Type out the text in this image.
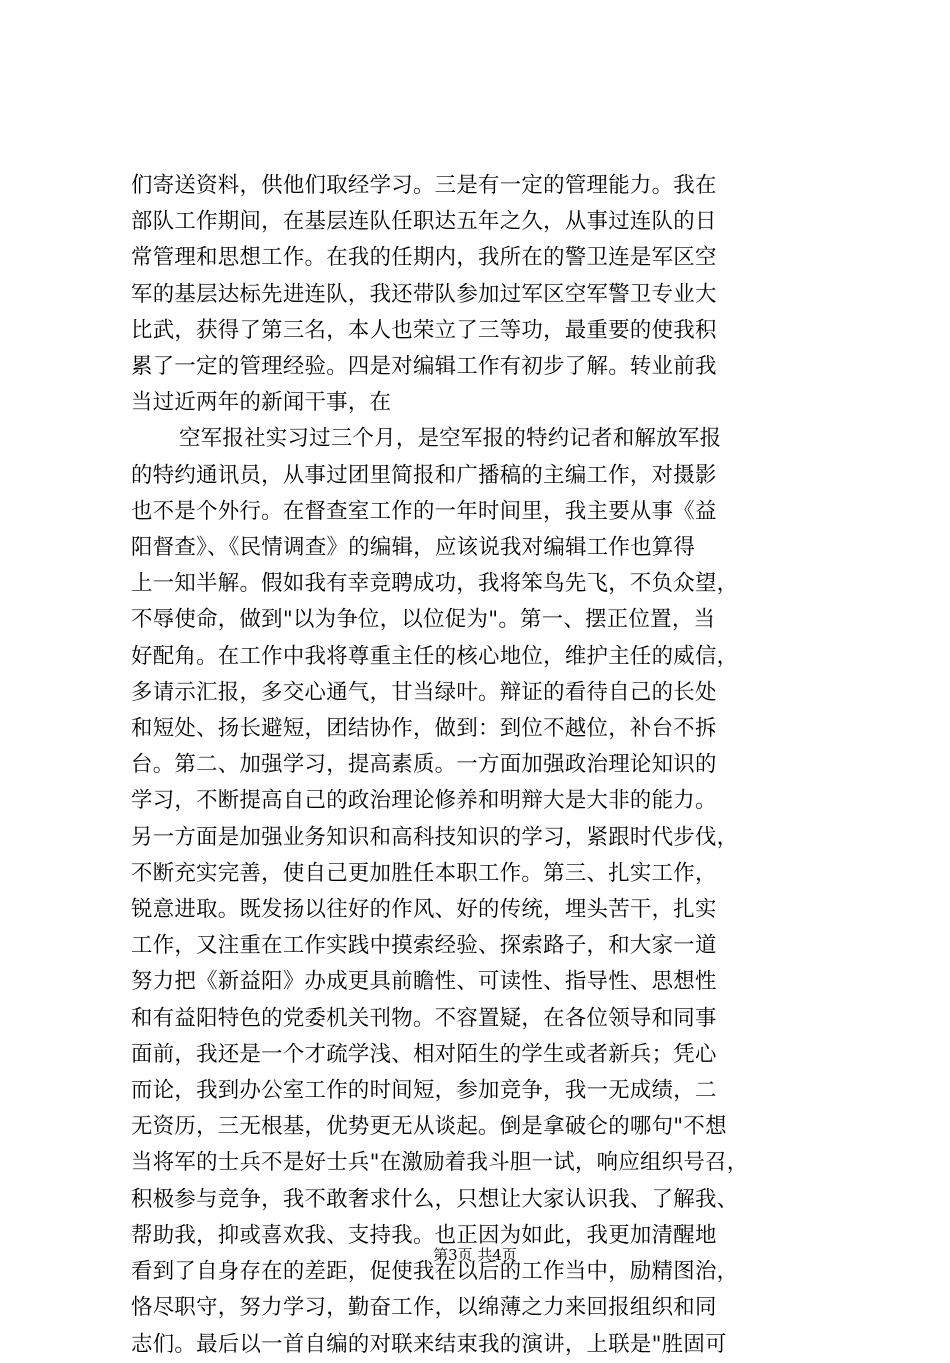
们寄送资料，供他们取经学习。三是有一定的管理能力。我在
部队工作期间，在基层连队任职达五年之久，从事过连队的日
常管理和思想工作。在我的任期内，我所在的警卫连是军区空
军的基层达标先进连队，我还带队参加过军区空军警卫专业大
比武，获得了第三名，本人也荣立了三等功，最重要的使我积
累了一定的管理经验。四是对编辑工作有初步了解。转业前我
当过近两年的新闻干事，在

空军报社实习过三个月，是空军报的特约记者和解放军报
的特约通讯员，从事过团里简报和广播稿的主编工作，对摄影
也不是个外行。在督查室工作的一年时间里，我主要从事《益
阳督查》、《民情调查》的编辑，应该说我对编辑工作也算得
上一知半解。假如我有幸竞聘成功，我将笨鸟先飞，不负众望，
不辱使命，做到"以为争位，以位促为"。第一、摆正位置，当
好配角。在工作中我将尊重主任的核心地位，维护主任的威信，
多请示汇报，多交心通气，甘当绿叶。辩证的看待自己的长处
和短处、扬长避短，团结协作，做到：到位不越位，补台不拆
台。第二、加强学习，提高素质。一方面加强政治理论知识的
学习，不断提高自己的政治理论修养和明辩大是大非的能力。
另一方面是加强业务知识和高科技知识的学习，紧跟时代步伐，
不断充实完善，使自己更加胜任本职工作。第三、扎实工作，
锐意进取。既发扬以往好的作风、好的传统，埋头苦干，扎实
工作，又注重在工作实践中摸索经验、探索路子，和大家一道
努力把《新益阳》办成更具前瞻性、可读性、指导性、思想性
和有益阳特色的党委机关刊物。不容置疑，在各位领导和同事
面前，我还是一个才疏学浅、相对陌生的学生或者新兵；凭心
而论，我到办公室工作的时间短，参加竞争，我一无成绩，二
无资历，三无根基，优势更无从谈起。倒是拿破仑的哪句"不想
当将军的士兵不是好士兵"在激励着我斗胆一试，响应组织号召，
积极参与竞争，我不敢奢求什么，只想让大家认识我、了解我、
帮助我，抑或喜欢我、支持我。也正因为如此，我更加清醒地
看到了自身存在的差距，促使我在以后的工作当中，励精图治，
恪尽职守，努力学习，勤奋工作，以绵薄之力来回报组织和同
志们。最后以一首自编的对联来结束我的演讲，上联是"胜固可

第3页 共4页
